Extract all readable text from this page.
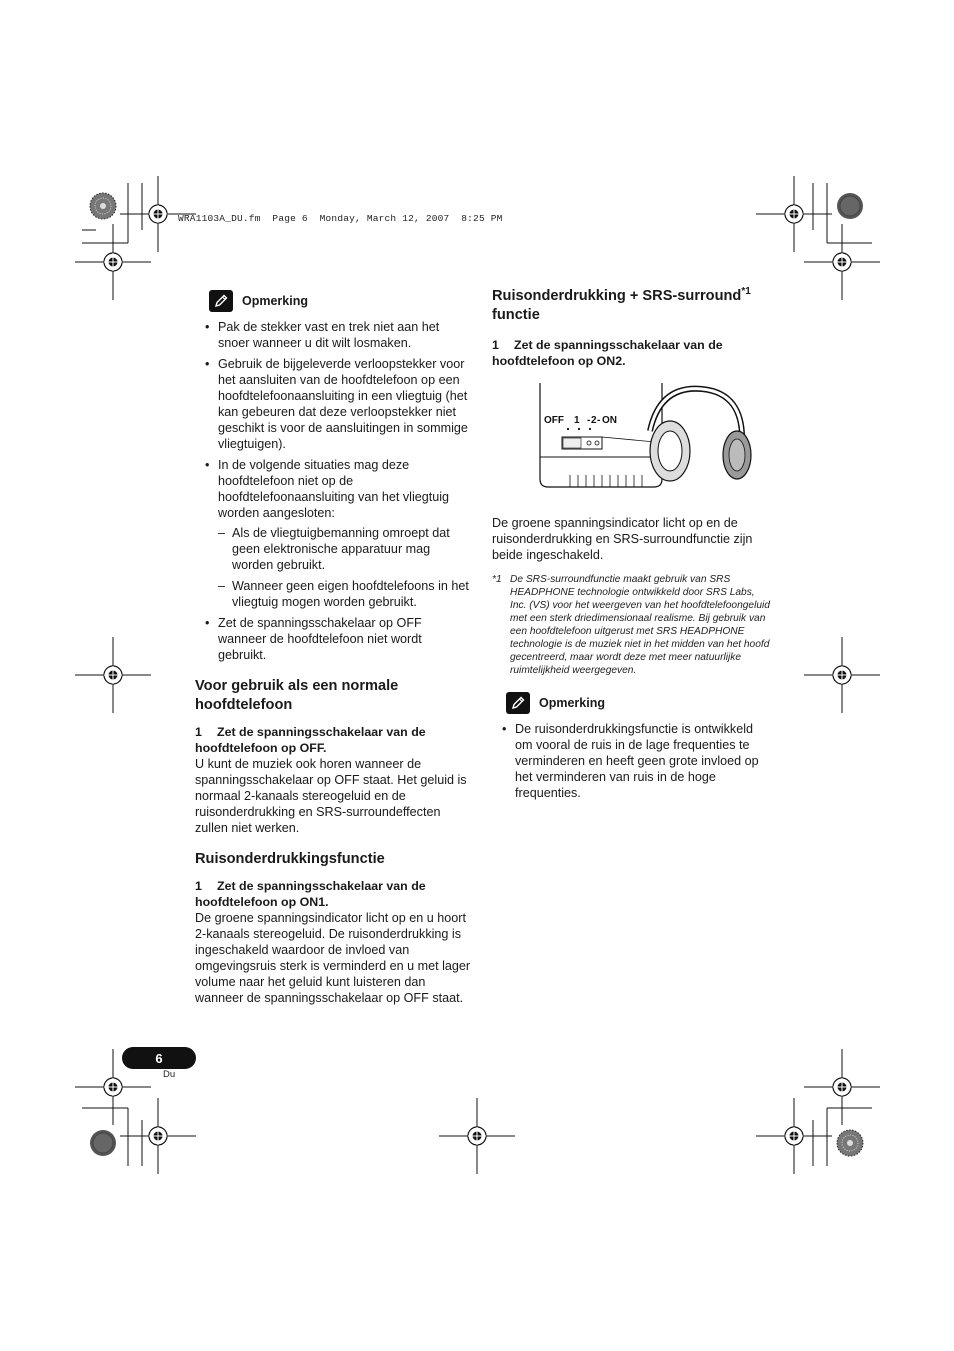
WRA1103A_DU.fm  Page 6  Monday, March 12, 2007  8:25 PM
Opmerking
• Pak de stekker vast en trek niet aan het snoer wanneer u dit wilt losmaken.
• Gebruik de bijgeleverde verloopstekker voor het aansluiten van de hoofdtelefoon op een hoofdtelefoonaansluiting in een vliegtuig (het kan gebeuren dat deze verloopstekker niet geschikt is voor de aansluitingen in sommige vliegtuigen).
• In de volgende situaties mag deze hoofdtelefoon niet op de hoofdtelefoonaansluiting van het vliegtuig worden aangesloten:
– Als de vliegtuigbemanning omroept dat geen elektronische apparatuur mag worden gebruikt.
– Wanneer geen eigen hoofdtelefoons in het vliegtuig mogen worden gebruikt.
• Zet de spanningsschakelaar op OFF wanneer de hoofdtelefoon niet wordt gebruikt.
Voor gebruik als een normale hoofdtelefoon
1 Zet de spanningsschakelaar van de hoofdtelefoon op OFF.

U kunt de muziek ook horen wanneer de spanningsschakelaar op OFF staat. Het geluid is normaal 2-kanaals stereogeluid en de ruisonderdrukking en SRS-surroundeffecten zullen niet werken.

Ruisonderdrukkingsfunctie
1 Zet de spanningsschakelaar van de hoofdtelefoon op ON1.

De groene spanningsindicator licht op en u hoort 2-kanaals stereogeluid. De ruisonderdrukking is ingeschakeld waardoor de invloed van omgevingsruis sterk is verminderd en u met lager volume naar het geluid kunt luisteren dan wanneer de spanningsschakelaar op OFF staat.

Ruisonderdrukking + SRS-surround$^{*1}$
functie
1 Zet de spanningsschakelaar van de hoofdtelefoon op ON2.
OFF 1 - 2 - ON

De groene spanningsindicator licht op en de ruisonderdrukking en SRS-surroundfunctie zijn beide ingeschakeld.

*1 De SRS-surroundfunctie maakt gebruik van SRS HEADPHONE technologie ontwikkeld door SRS Labs, Inc. (VS) voor het weergeven van het hoofdtelefoongeluid met een sterk driedimensionaal realisme. Bij gebruik van een hoofdtelefoon uitgerust met SRS HEADPHONE technologie is de muziek niet in het midden van het hoofd gecentreerd, maar wordt deze met meer natuurlijke ruimtelijkheid weergegeven.
Opmerking
• De ruisonderdrukkingsfunctie is ontwikkeld om vooral de ruis in de lage frequenties te verminderen en heeft geen grote invloed op het verminderen van ruis in de hoge frequenties.
6
Du
